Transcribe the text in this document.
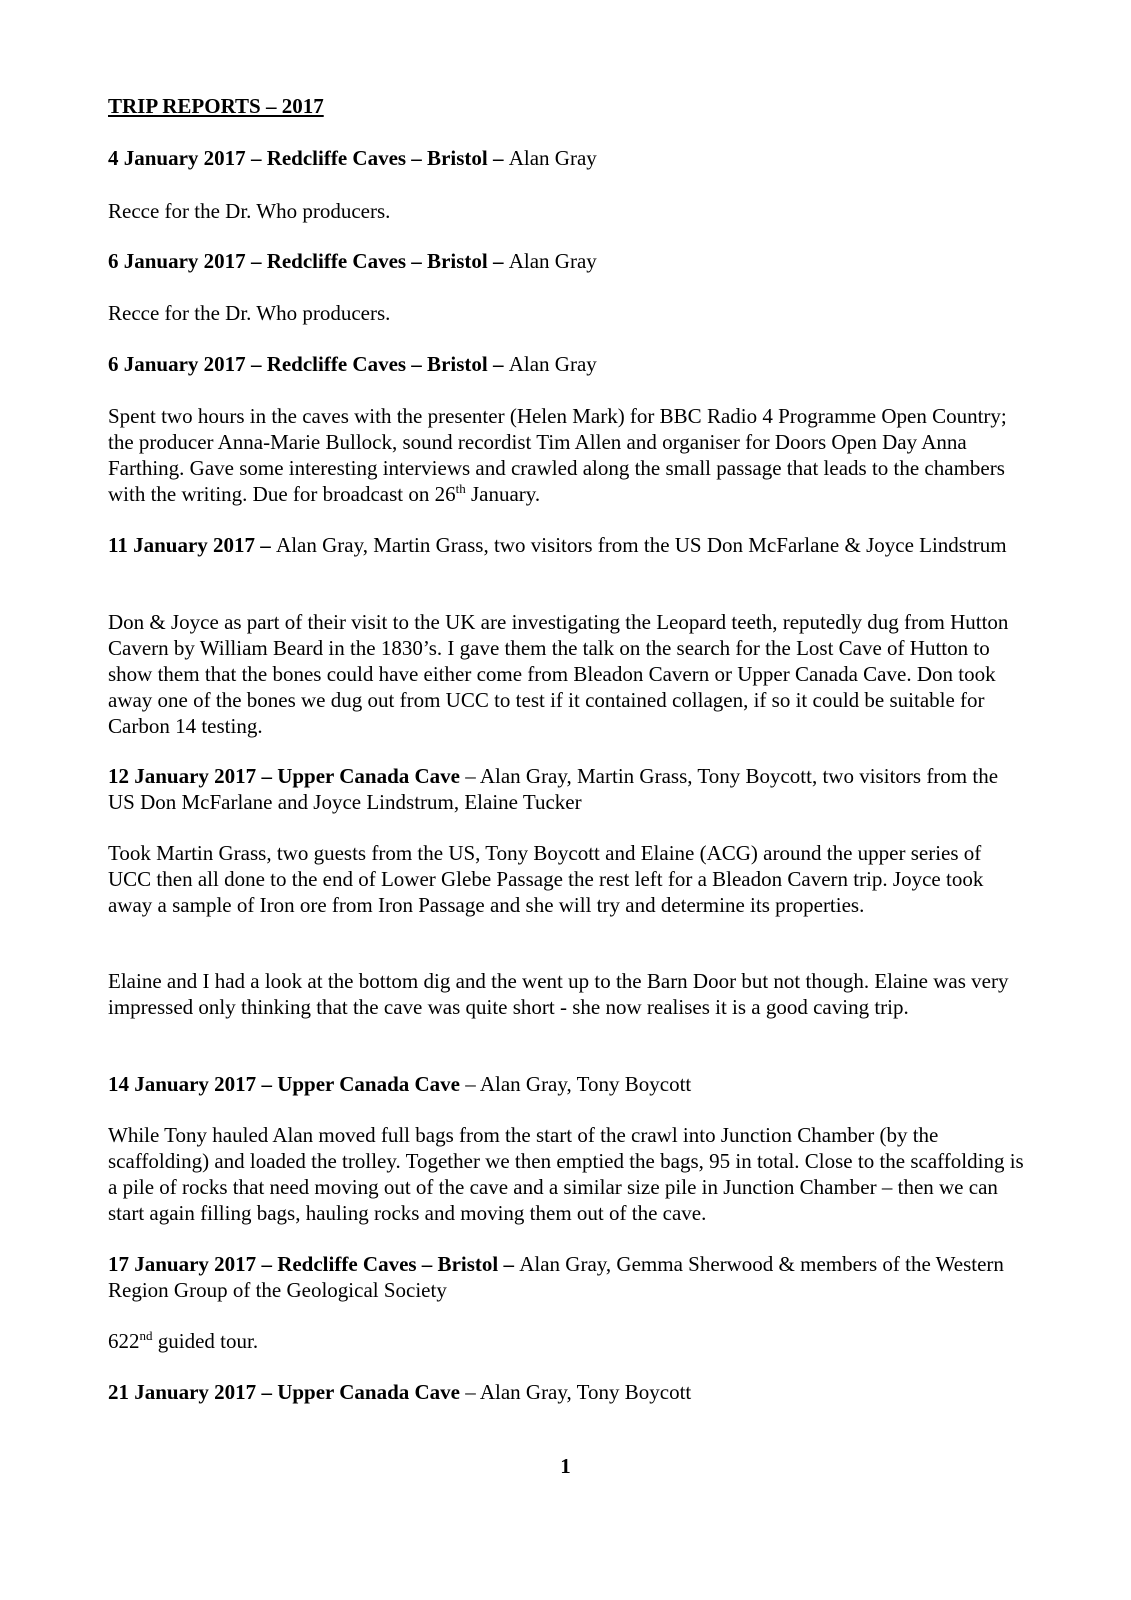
TRIP REPORTS – 2017

4 January 2017 – Redcliffe Caves – Bristol – Alan Gray

Recce for the Dr. Who producers.

6 January 2017 – Redcliffe Caves – Bristol – Alan Gray

Recce for the Dr. Who producers.

6 January 2017 – Redcliffe Caves – Bristol – Alan Gray

Spent two hours in the caves with the presenter (Helen Mark) for BBC Radio 4 Programme Open Country; the producer Anna-Marie Bullock, sound recordist Tim Allen and organiser for Doors Open Day Anna Farthing. Gave some interesting interviews and crawled along the small passage that leads to the chambers with the writing. Due for broadcast on 26th January.

11 January 2017 – Alan Gray, Martin Grass, two visitors from the US Don McFarlane & Joyce Lindstrum

Don & Joyce as part of their visit to the UK are investigating the Leopard teeth, reputedly dug from Hutton Cavern by William Beard in the 1830’s. I gave them the talk on the search for the Lost Cave of Hutton to show them that the bones could have either come from Bleadon Cavern or Upper Canada Cave. Don took away one of the bones we dug out from UCC to test if it contained collagen, if so it could be suitable for Carbon 14 testing.

12 January 2017 – Upper Canada Cave – Alan Gray, Martin Grass, Tony Boycott, two visitors from the US Don McFarlane and Joyce Lindstrum, Elaine Tucker

Took Martin Grass, two guests from the US, Tony Boycott and Elaine (ACG) around the upper series of UCC then all done to the end of Lower Glebe Passage the rest left for a Bleadon Cavern trip. Joyce took away a sample of Iron ore from Iron Passage and she will try and determine its properties.

Elaine and I had a look at the bottom dig and the went up to the Barn Door but not though. Elaine was very impressed only thinking that the cave was quite short - she now realises it is a good caving trip.

14 January 2017 – Upper Canada Cave – Alan Gray, Tony Boycott

While Tony hauled Alan moved full bags from the start of the crawl into Junction Chamber (by the scaffolding) and loaded the trolley. Together we then emptied the bags, 95 in total. Close to the scaffolding is a pile of rocks that need moving out of the cave and a similar size pile in Junction Chamber – then we can start again filling bags, hauling rocks and moving them out of the cave.

17 January 2017 – Redcliffe Caves – Bristol – Alan Gray, Gemma Sherwood & members of the Western Region Group of the Geological Society

622nd guided tour.

21 January 2017 – Upper Canada Cave – Alan Gray, Tony Boycott

1
